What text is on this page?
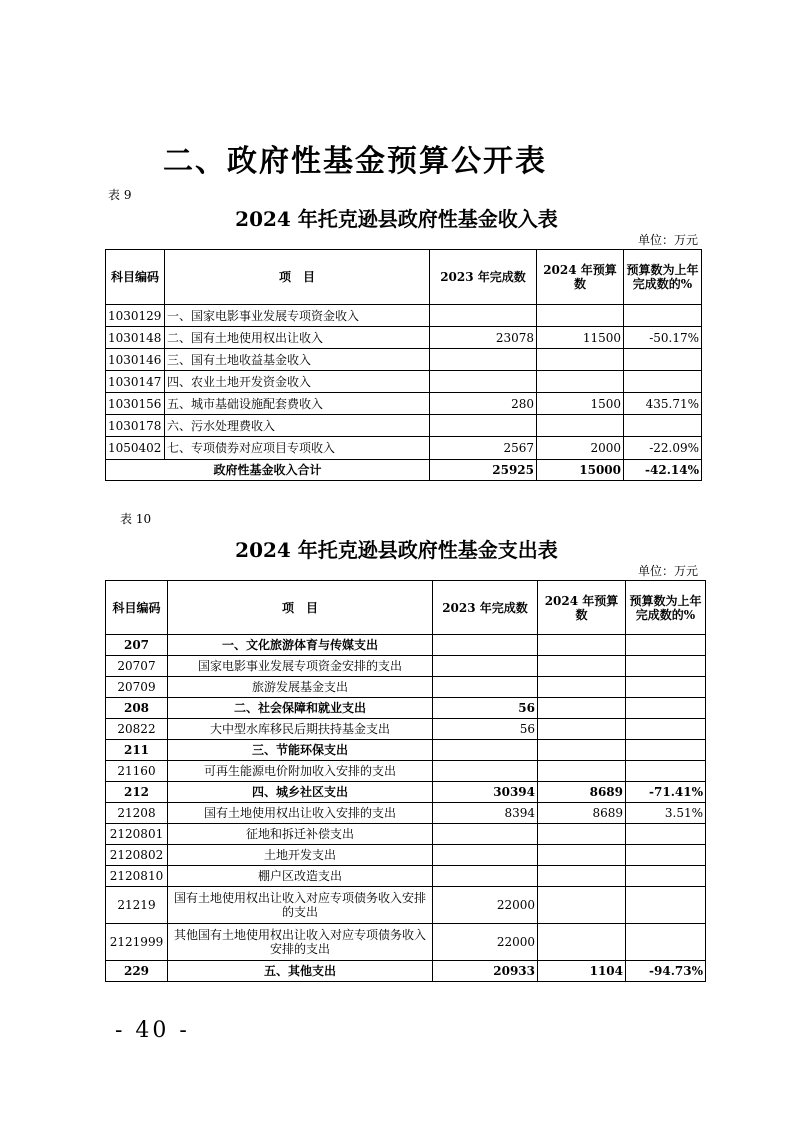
二、政府性基金预算公开表
表 9
2024 年托克逊县政府性基金收入表
单位：万元
科目编码	项　目	2023 年完成数	2024 年预算数	预算数为上年
完成数的%
1030129	一、国家电影事业发展专项资金收入			
1030148	二、国有土地使用权出让收入	23078	11500	-50.17%
1030146	三、国有土地收益基金收入			
1030147	四、农业土地开发资金收入			
1030156	五、城市基础设施配套费收入	280	1500	435.71%
1030178	六、污水处理费收入			
1050402	七、专项债券对应项目专项收入	2567	2000	-22.09%
政府性基金收入合计		25925	15000	-42.14%
表 10
2024 年托克逊县政府性基金支出表
单位：万元
科目编码	项　目	2023 年完成数	2024 年预算数	预算数为上年
完成数的%
207	一、文化旅游体育与传媒支出			
20707	国家电影事业发展专项资金安排的支出			
20709	旅游发展基金支出			
208	二、社会保障和就业支出	56		
20822	大中型水库移民后期扶持基金支出	56		
211	三、节能环保支出			
21160	可再生能源电价附加收入安排的支出			
212	四、城乡社区支出	30394	8689	-71.41%
21208	国有土地使用权出让收入安排的支出	8394	8689	3.51%
2120801	征地和拆迁补偿支出			
2120802	土地开发支出			
2120810	棚户区改造支出			
21219	国有土地使用权出让收入对应专项债务收入安排的支出	22000		
2121999	其他国有土地使用权出让收入对应专项债务收入安排的支出	22000		
229	五、其他支出	20933	1104	-94.73%
- 40 -
